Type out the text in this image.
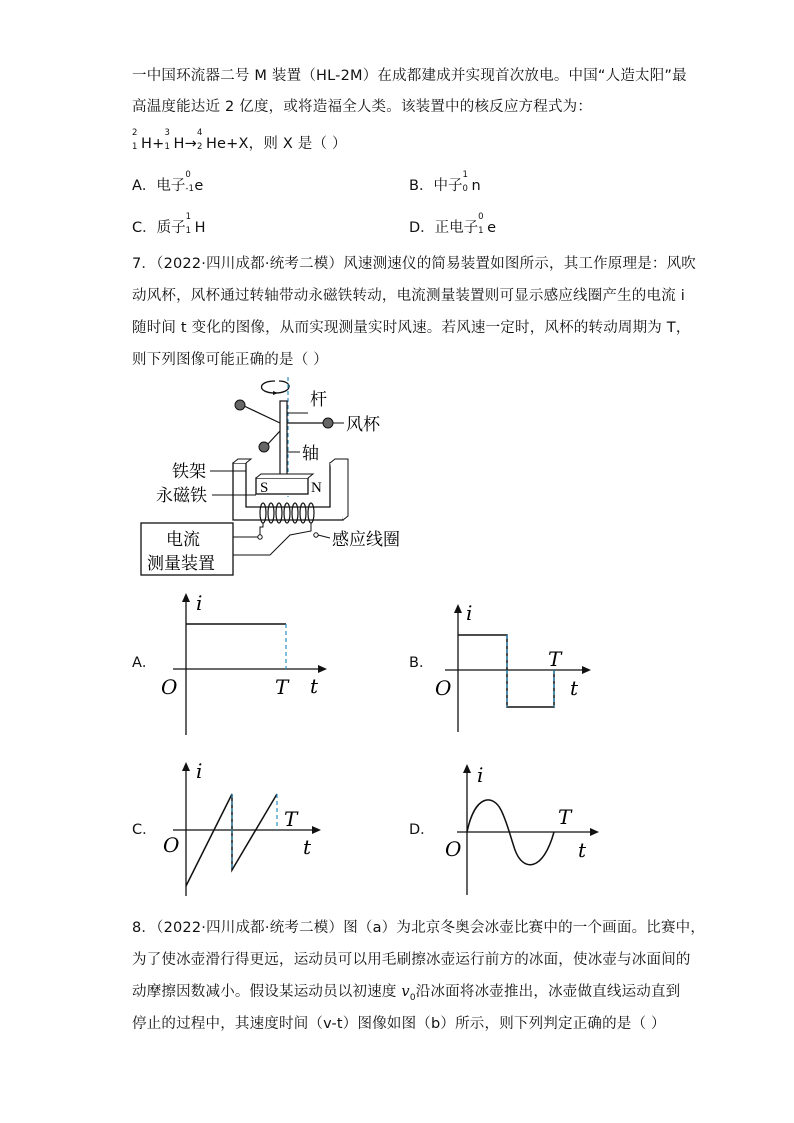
一中国环流器二号 M 装置（HL-2M）在成都建成并实现首次放电。中国“人造太阳”最
高温度能达近 2 亿度，或将造福全人类。该装置中的核反应方程式为：
2
1 H+
3
1 H→
4
2 He+X，则 X 是（ ）
A．电子
0
-1 e	B．中子
1
0 n
C．质子
1
1 H	D．正电子
0
1 e
7．（2022·四川成都·统考二模）风速测速仪的简易装置如图所示，其工作原理是：风吹
动风杯，风杯通过转轴带动永磁铁转动，电流测量装置则可显示感应线圈产生的电流 i
随时间 t 变化的图像，从而实现测量实时风速。若风速一定时，风杯的转动周期为 T，
则下列图像可能正确的是（ ）
杆
风杯
轴
S	N
铁架
永磁铁
电流
测量装置
感应线圈
A．
i
t
O	T
B．
i
t
O
T
C．
i
t
O
T	D．
i
t
O
T
8．（2022·四川成都·统考二模）图（a）为北京冬奥会冰壶比赛中的一个画面。比赛中，
为了使冰壶滑行得更远，运动员可以用毛刷擦冰壶运行前方的冰面，使冰壶与冰面间的
动摩擦因数减小。假设某运动员以初速度 $v_0$沿冰面将冰壶推出，冰壶做直线运动直到
停止的过程中，其速度时间（v-t）图像如图（b）所示，则下列判定正确的是（ ）
